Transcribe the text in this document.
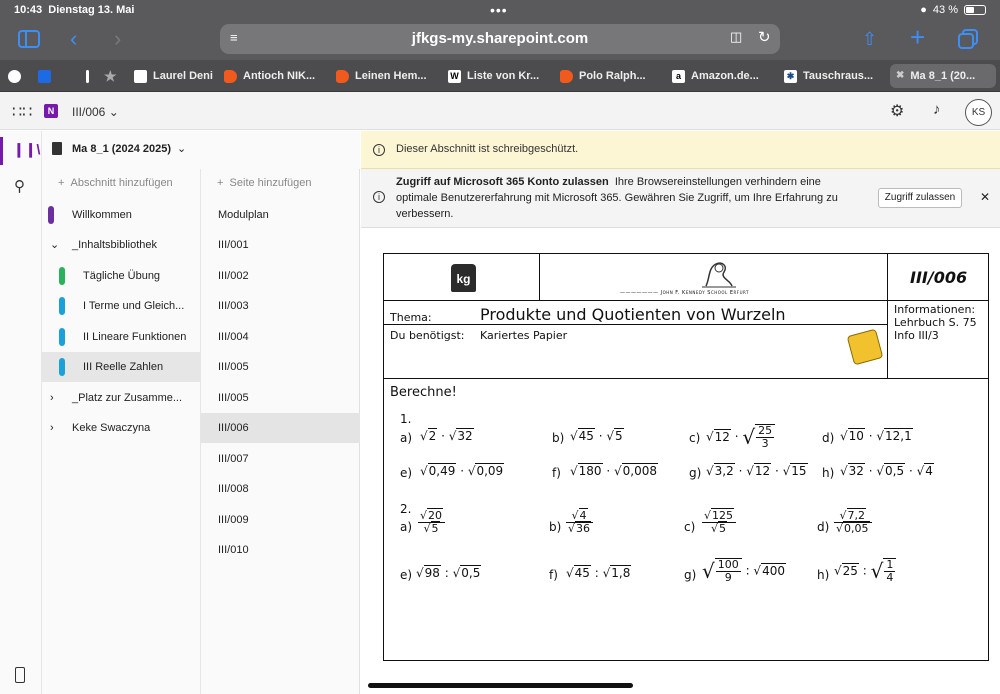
10:43 Dienstag 13. Mai	•••	● 43 %
‹ ›	⇧ +
≡	jfkgs-my.sharepoint.com	◫ ↻
★	Laurel Deni	Antioch NIK...	Leinen Hem...	W Liste von Kr...	Polo Ralph...	a Amazon.de...	✱ Tauschraus... ✖ Ma 8_1 (20...
∷∷	N	III/006 ⌄	⚙ ♪	KS
❙❙\
⚲
Ma 8_1 (2024 2025) ⌄
+  Abschnitt hinzufügen
Willkommen
⌄ _Inhaltsbibliothek
Tägliche Übung
I Terme und Gleich...
II Lineare Funktionen
III Reelle Zahlen
› _Platz zur Zusamme...
› Keke Swaczyna
+  Seite hinzufügen
Modulplan
III/001
III/002
III/003
III/004
III/005
III/005
III/006
III/007
III/008
III/009
III/010
i	Dieser Abschnitt ist schreibgeschützt.
i
Zugriff auf Microsoft 365 Konto zulassen Ihre Browsereinstellungen verhindern eine
optimale Benutzererfahrung mit Microsoft 365. Gewähren Sie Zugriff, um Ihre Erfahrung zu
verbessern.
Zugriff zulassen	✕
kg
——————— John F. Kennedy School Erfurt
III/006
Thema:	Produkte und Quotienten von Wurzeln
Du benötigst: Kariertes Papier
Informationen:
Lehrbuch S. 75
Info III/3
Berechne!
1.
a) √2 · √32	b) √45 · √5	c) √12 · √ $\frac{25}{3}$	d) √10 · √12,1
e) √0,49 · √0,09	f) √180 · √0,008	g) √3,2 · √12 · √15 h) √32 · √0,5 · √4
2.
$a) \frac{√20}{√5}$	$b) \frac{√4}{√36}$	$c) \frac{√125}{√5}$	$d) \frac{√7,2}{√0,05}$
e) √98 : √0,5	f) √45 : √1,8	g) √ $\frac{100}{9}$ : √400	h) √25 : √ $\frac{1}{4}$
